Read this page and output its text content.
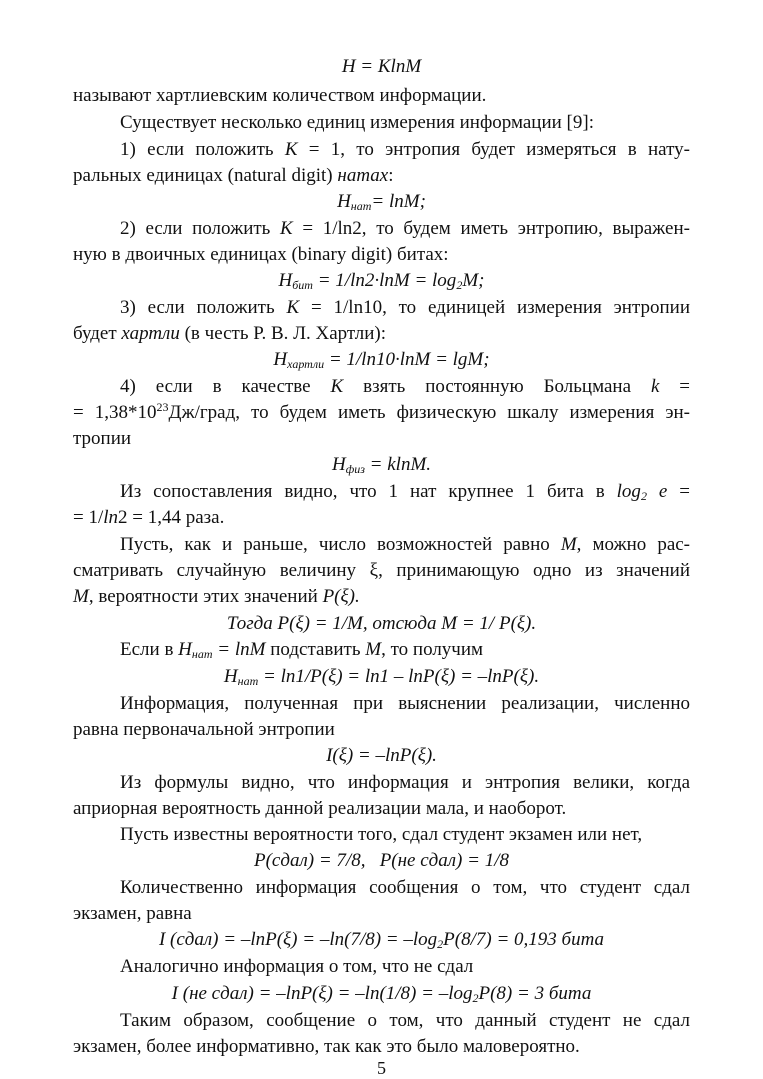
H = KlnM
называют хартлиевским количеством информации.
Существует несколько единиц измерения информации [9]:
1) если положить K = 1, то энтропия будет измеряться в нату-
ральных единицах (natural digit) натах:
$H_{нат}= \ln M$;
2) если положить K = 1/ln2, то будем иметь энтропию, выражен-
ную в двоичных единицах (binary digit) битах:
$H_{бит} = 1/\ln 2\cdot\ln M = \log_2M$;
3) если положить K = 1/ln10, то единицей измерения энтропии
будет хартли (в честь Р. В. Л. Хартли):
$H_{хартли} = 1/\ln 10\cdot\ln M = \lg M$;
4) если в качестве K взять постоянную Больцмана k =
= $1,38*10^{23}Дж$/град, то будем иметь физическую шкалу измерения эн-
тропии
$H_{физ} = klnM$.
Из сопоставления видно, что 1 нат крупнее 1 бита в $\log_2 e$ =
= 1/ln2 = 1,44 раза.
Пусть, как и раньше, число возможностей равно M, можно рас-
сматривать случайную величину ξ, принимающую одно из значений
M, вероятности этих значений P(ξ).
Тогда P(ξ) = 1/M, отсюда M = 1/ P(ξ).
Если в $H_{нат} = \ln M$ подставить M, то получим
$H_{нат} = \ln 1/P(\xi) = \ln 1 - \ln P(\xi) = -\ln P(\xi)$.
Информация, полученная при выяснении реализации, численно
равна первоначальной энтропии
I(ξ) = –lnP(ξ).
Из формулы видно, что информация и энтропия велики, когда
априорная вероятность данной реализации мала, и наоборот.
Пусть известны вероятности того, сдал студент экзамен или нет,
P(сдал) = 7/8,   P(не сдал) = 1/8
Количественно информация сообщения о том, что студент сдал
экзамен, равна
I (сдал) = $-\ln P(\xi) = -\ln(7/8) = -\log_2P(8/7) = 0,193$ бита
Аналогично информация о том, что не сдал
I (не сдал) = $-\ln P(\xi) = -\ln(1/8) = -\log_2P(8) = 3$ бита
Таким образом, сообщение о том, что данный студент не сдал
экзамен, более информативно, так как это было маловероятно.
5
